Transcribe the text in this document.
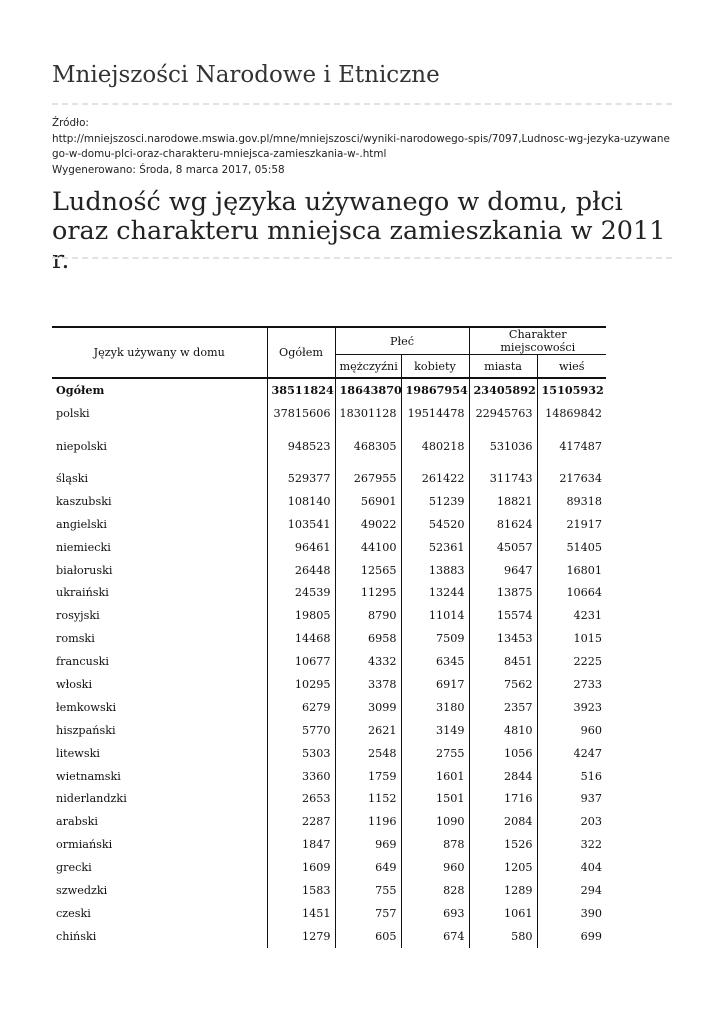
Mniejszości Narodowe i Etniczne
Źródło:
http://mniejszosci.narodowe.mswia.gov.pl/mne/mniejszosci/wyniki-narodowego-spis/7097,Ludnosc-wg-jezyka-uzywane
go-w-domu-plci-oraz-charakteru-mniejsca-zamieszkania-w-.html
Wygenerowano: Środa, 8 marca 2017, 05:58
Ludność wg języka używanego w domu, płci oraz charakteru mniejsca zamieszkania w 2011 r.
Język używany w domu	Ogółem	Płeć		Charakter miejscowości	
		mężczyźni	kobiety	miasta	wieś
Ogółem	38511824	18643870	19867954	23405892	15105932
polski	37815606	18301128	19514478	22945763	14869842
niepolski	948523	468305	480218	531036	417487
śląski	529377	267955	261422	311743	217634
kaszubski	108140	56901	51239	18821	89318
angielski	103541	49022	54520	81624	21917
niemiecki	96461	44100	52361	45057	51405
białoruski	26448	12565	13883	9647	16801
ukraiński	24539	11295	13244	13875	10664
rosyjski	19805	8790	11014	15574	4231
romski	14468	6958	7509	13453	1015
francuski	10677	4332	6345	8451	2225
włoski	10295	3378	6917	7562	2733
łemkowski	6279	3099	3180	2357	3923
hiszpański	5770	2621	3149	4810	960
litewski	5303	2548	2755	1056	4247
wietnamski	3360	1759	1601	2844	516
niderlandzki	2653	1152	1501	1716	937
arabski	2287	1196	1090	2084	203
ormiański	1847	969	878	1526	322
grecki	1609	649	960	1205	404
szwedzki	1583	755	828	1289	294
czeski	1451	757	693	1061	390
chiński	1279	605	674	580	699
